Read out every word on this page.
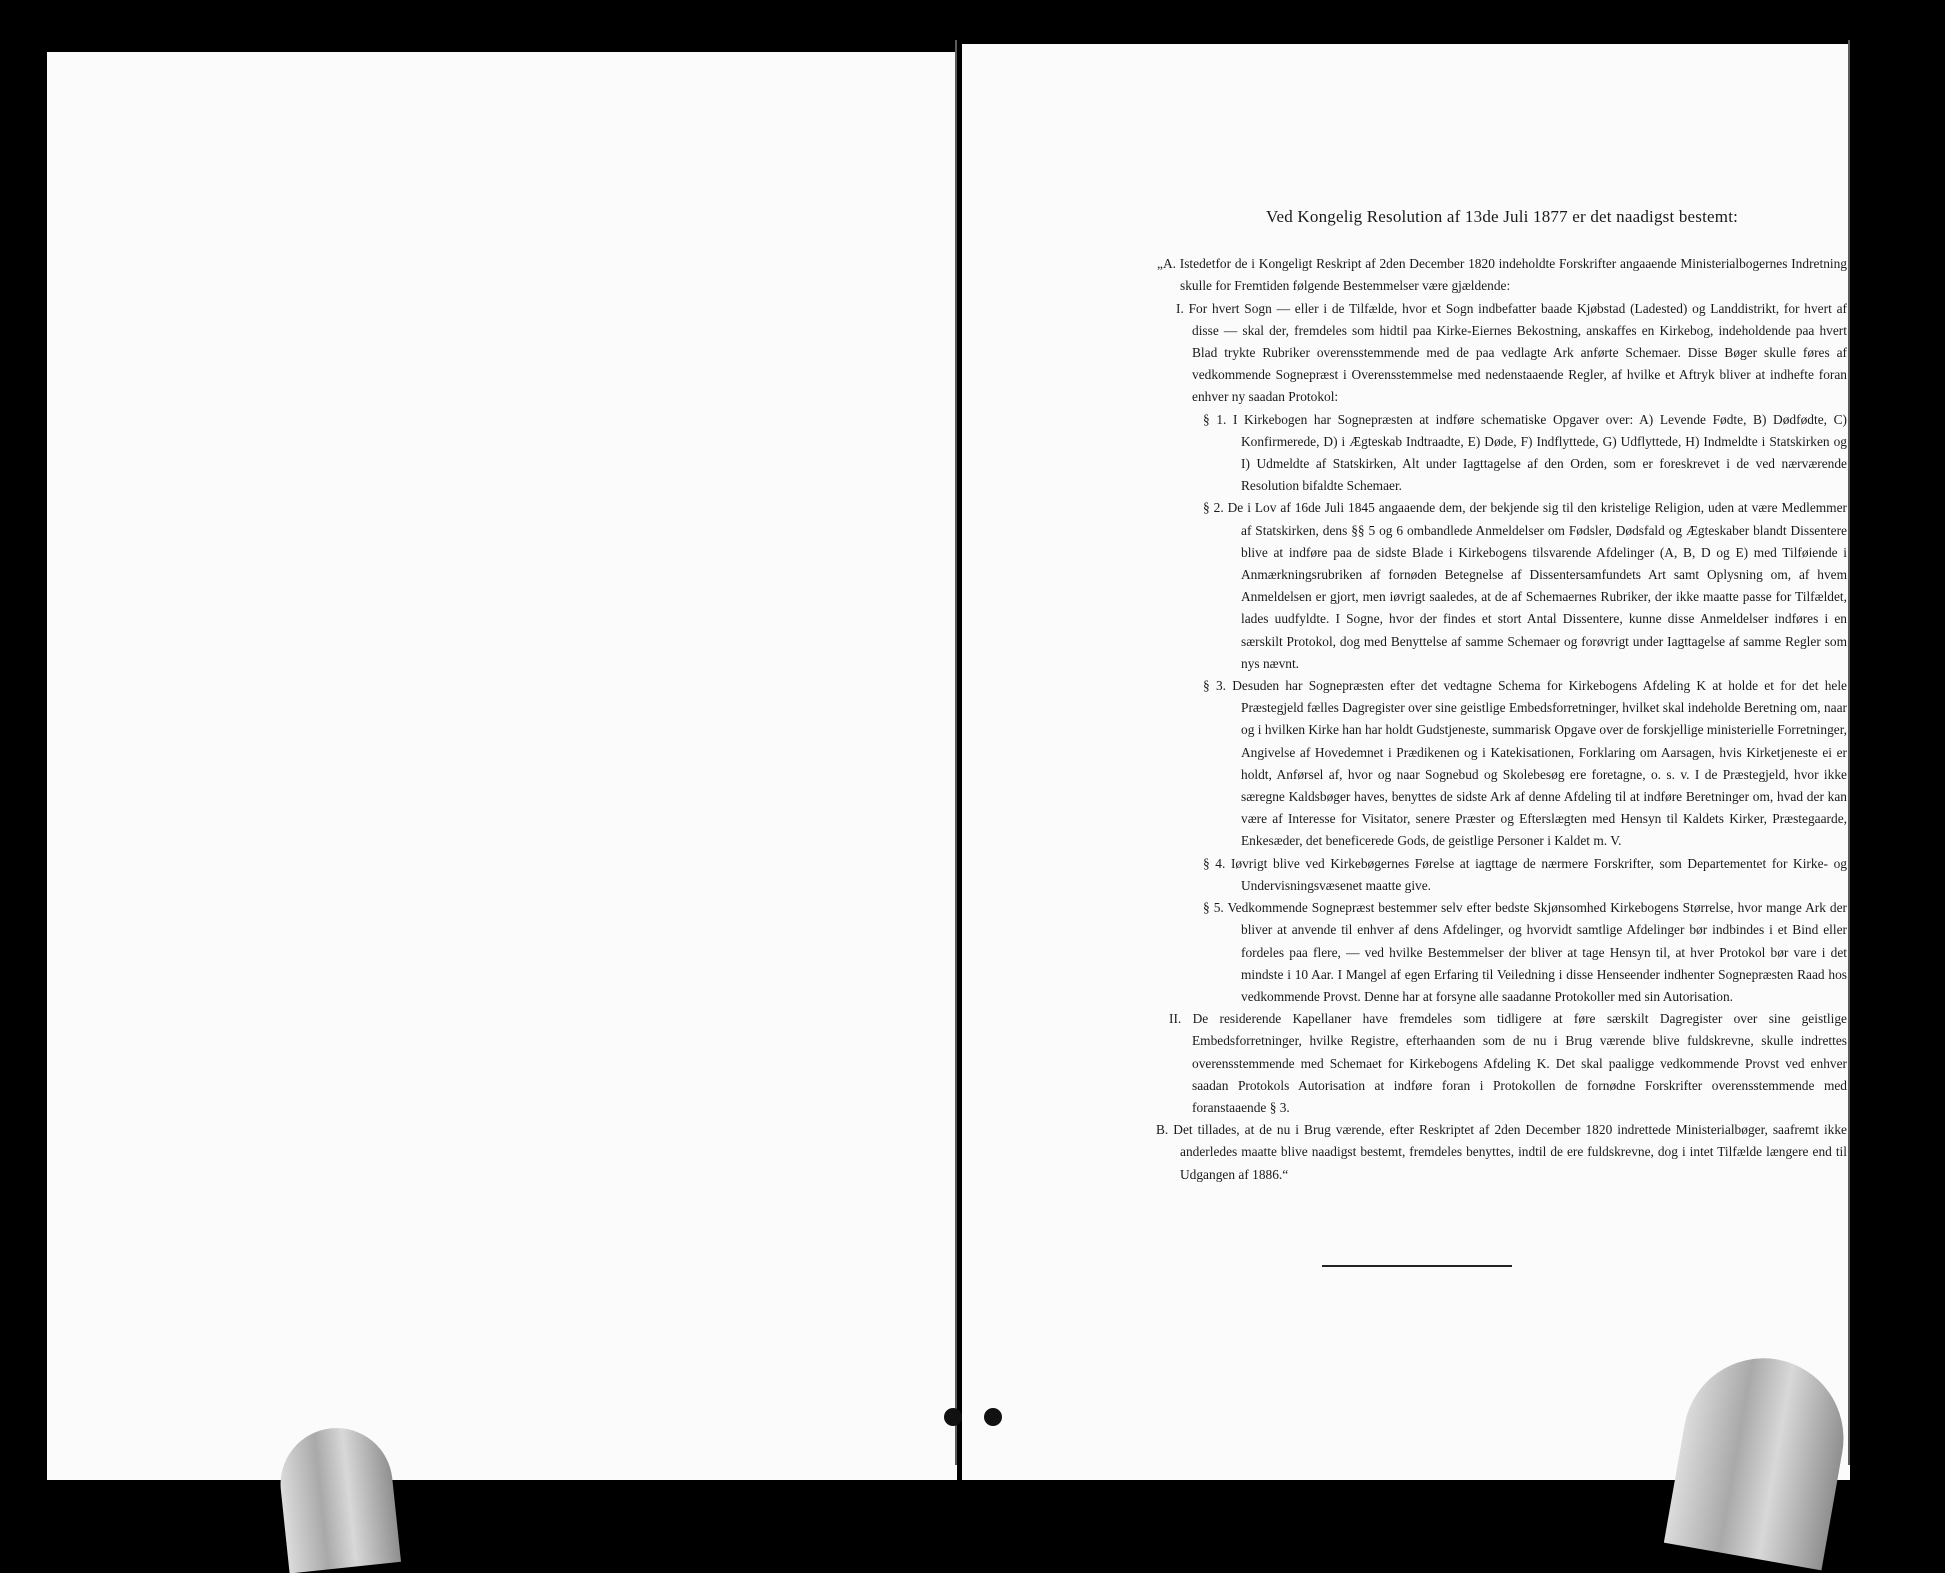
Ved Kongelig Resolution af 13de Juli 1877 er det naadigst bestemt:

„A. Istedetfor de i Kongeligt Reskript af 2den December 1820 indeholdte Forskrifter angaaende Ministerialbogernes Indretning skulle for Fremtiden følgende Bestemmelser være gjældende:

I. For hvert Sogn — eller i de Tilfælde, hvor et Sogn indbefatter baade Kjøbstad (Ladested) og Landdistrikt, for hvert af disse — skal der, fremdeles som hidtil paa Kirke-Eiernes Bekostning, anskaffes en Kirkebog, indeholdende paa hvert Blad trykte Rubriker overensstemmende med de paa vedlagte Ark anførte Schemaer. Disse Bøger skulle føres af vedkommende Sognepræst i Overensstemmelse med nedenstaaende Regler, af hvilke et Aftryk bliver at indhefte foran enhver ny saadan Protokol:

§ 1. I Kirkebogen har Sognepræsten at indføre schematiske Opgaver over: A) Levende Fødte, B) Dødfødte, C) Konfirmerede, D) i Ægteskab Indtraadte, E) Døde, F) Indflyttede, G) Udflyttede, H) Indmeldte i Statskirken og I) Udmeldte af Statskirken, Alt under Iagttagelse af den Orden, som er foreskrevet i de ved nærværende Resolution bifaldte Schemaer.

§ 2. De i Lov af 16de Juli 1845 angaaende dem, der bekjende sig til den kristelige Religion, uden at være Medlemmer af Statskirken, dens §§ 5 og 6 ombandlede Anmeldelser om Fødsler, Dødsfald og Ægteskaber blandt Dissentere blive at indføre paa de sidste Blade i Kirkebogens tilsvarende Afdelinger (A, B, D og E) med Tilføiende i Anmærkningsrubriken af fornøden Betegnelse af Dissentersamfundets Art samt Oplysning om, af hvem Anmeldelsen er gjort, men iøvrigt saaledes, at de af Schemaernes Rubriker, der ikke maatte passe for Tilfældet, lades uudfyldte. I Sogne, hvor der findes et stort Antal Dissentere, kunne disse Anmeldelser indføres i en særskilt Protokol, dog med Benyttelse af samme Schemaer og forøvrigt under Iagttagelse af samme Regler som nys nævnt.

§ 3. Desuden har Sognepræsten efter det vedtagne Schema for Kirkebogens Afdeling K at holde et for det hele Præstegjeld fælles Dagregister over sine geistlige Embedsforretninger, hvilket skal indeholde Beretning om, naar og i hvilken Kirke han har holdt Gudstjeneste, summarisk Opgave over de forskjellige ministerielle Forretninger, Angivelse af Hovedemnet i Prædikenen og i Katekisationen, Forklaring om Aarsagen, hvis Kirketjeneste ei er holdt, Anførsel af, hvor og naar Sognebud og Skolebesøg ere foretagne, o. s. v. I de Præstegjeld, hvor ikke særegne Kaldsbøger haves, benyttes de sidste Ark af denne Afdeling til at indføre Beretninger om, hvad der kan være af Interesse for Visitator, senere Præster og Efterslægten med Hensyn til Kaldets Kirker, Præstegaarde, Enkesæder, det beneficerede Gods, de geistlige Personer i Kaldet m. V.

§ 4. Iøvrigt blive ved Kirkebøgernes Førelse at iagttage de nærmere Forskrifter, som Departementet for Kirke- og Undervisningsvæsenet maatte give.

§ 5. Vedkommende Sognepræst bestemmer selv efter bedste Skjønsomhed Kirkebogens Størrelse, hvor mange Ark der bliver at anvende til enhver af dens Afdelinger, og hvorvidt samtlige Afdelinger bør indbindes i et Bind eller fordeles paa flere, — ved hvilke Bestemmelser der bliver at tage Hensyn til, at hver Protokol bør vare i det mindste i 10 Aar. I Mangel af egen Erfaring til Veiledning i disse Henseender indhenter Sognepræsten Raad hos vedkommende Provst. Denne har at forsyne alle saadanne Protokoller med sin Autorisation.

II. De residerende Kapellaner have fremdeles som tidligere at føre særskilt Dagregister over sine geistlige Embedsforretninger, hvilke Registre, efterhaanden som de nu i Brug værende blive fuldskrevne, skulle indrettes overensstemmende med Schemaet for Kirkebogens Afdeling K. Det skal paaligge vedkommende Provst ved enhver saadan Protokols Autorisation at indføre foran i Protokollen de fornødne Forskrifter overensstemmende med foranstaaende § 3.

B. Det tillades, at de nu i Brug værende, efter Reskriptet af 2den December 1820 indrettede Ministerialbøger, saafremt ikke anderledes maatte blive naadigst bestemt, fremdeles benyttes, indtil de ere fuldskrevne, dog i intet Tilfælde længere end til Udgangen af 1886.“
